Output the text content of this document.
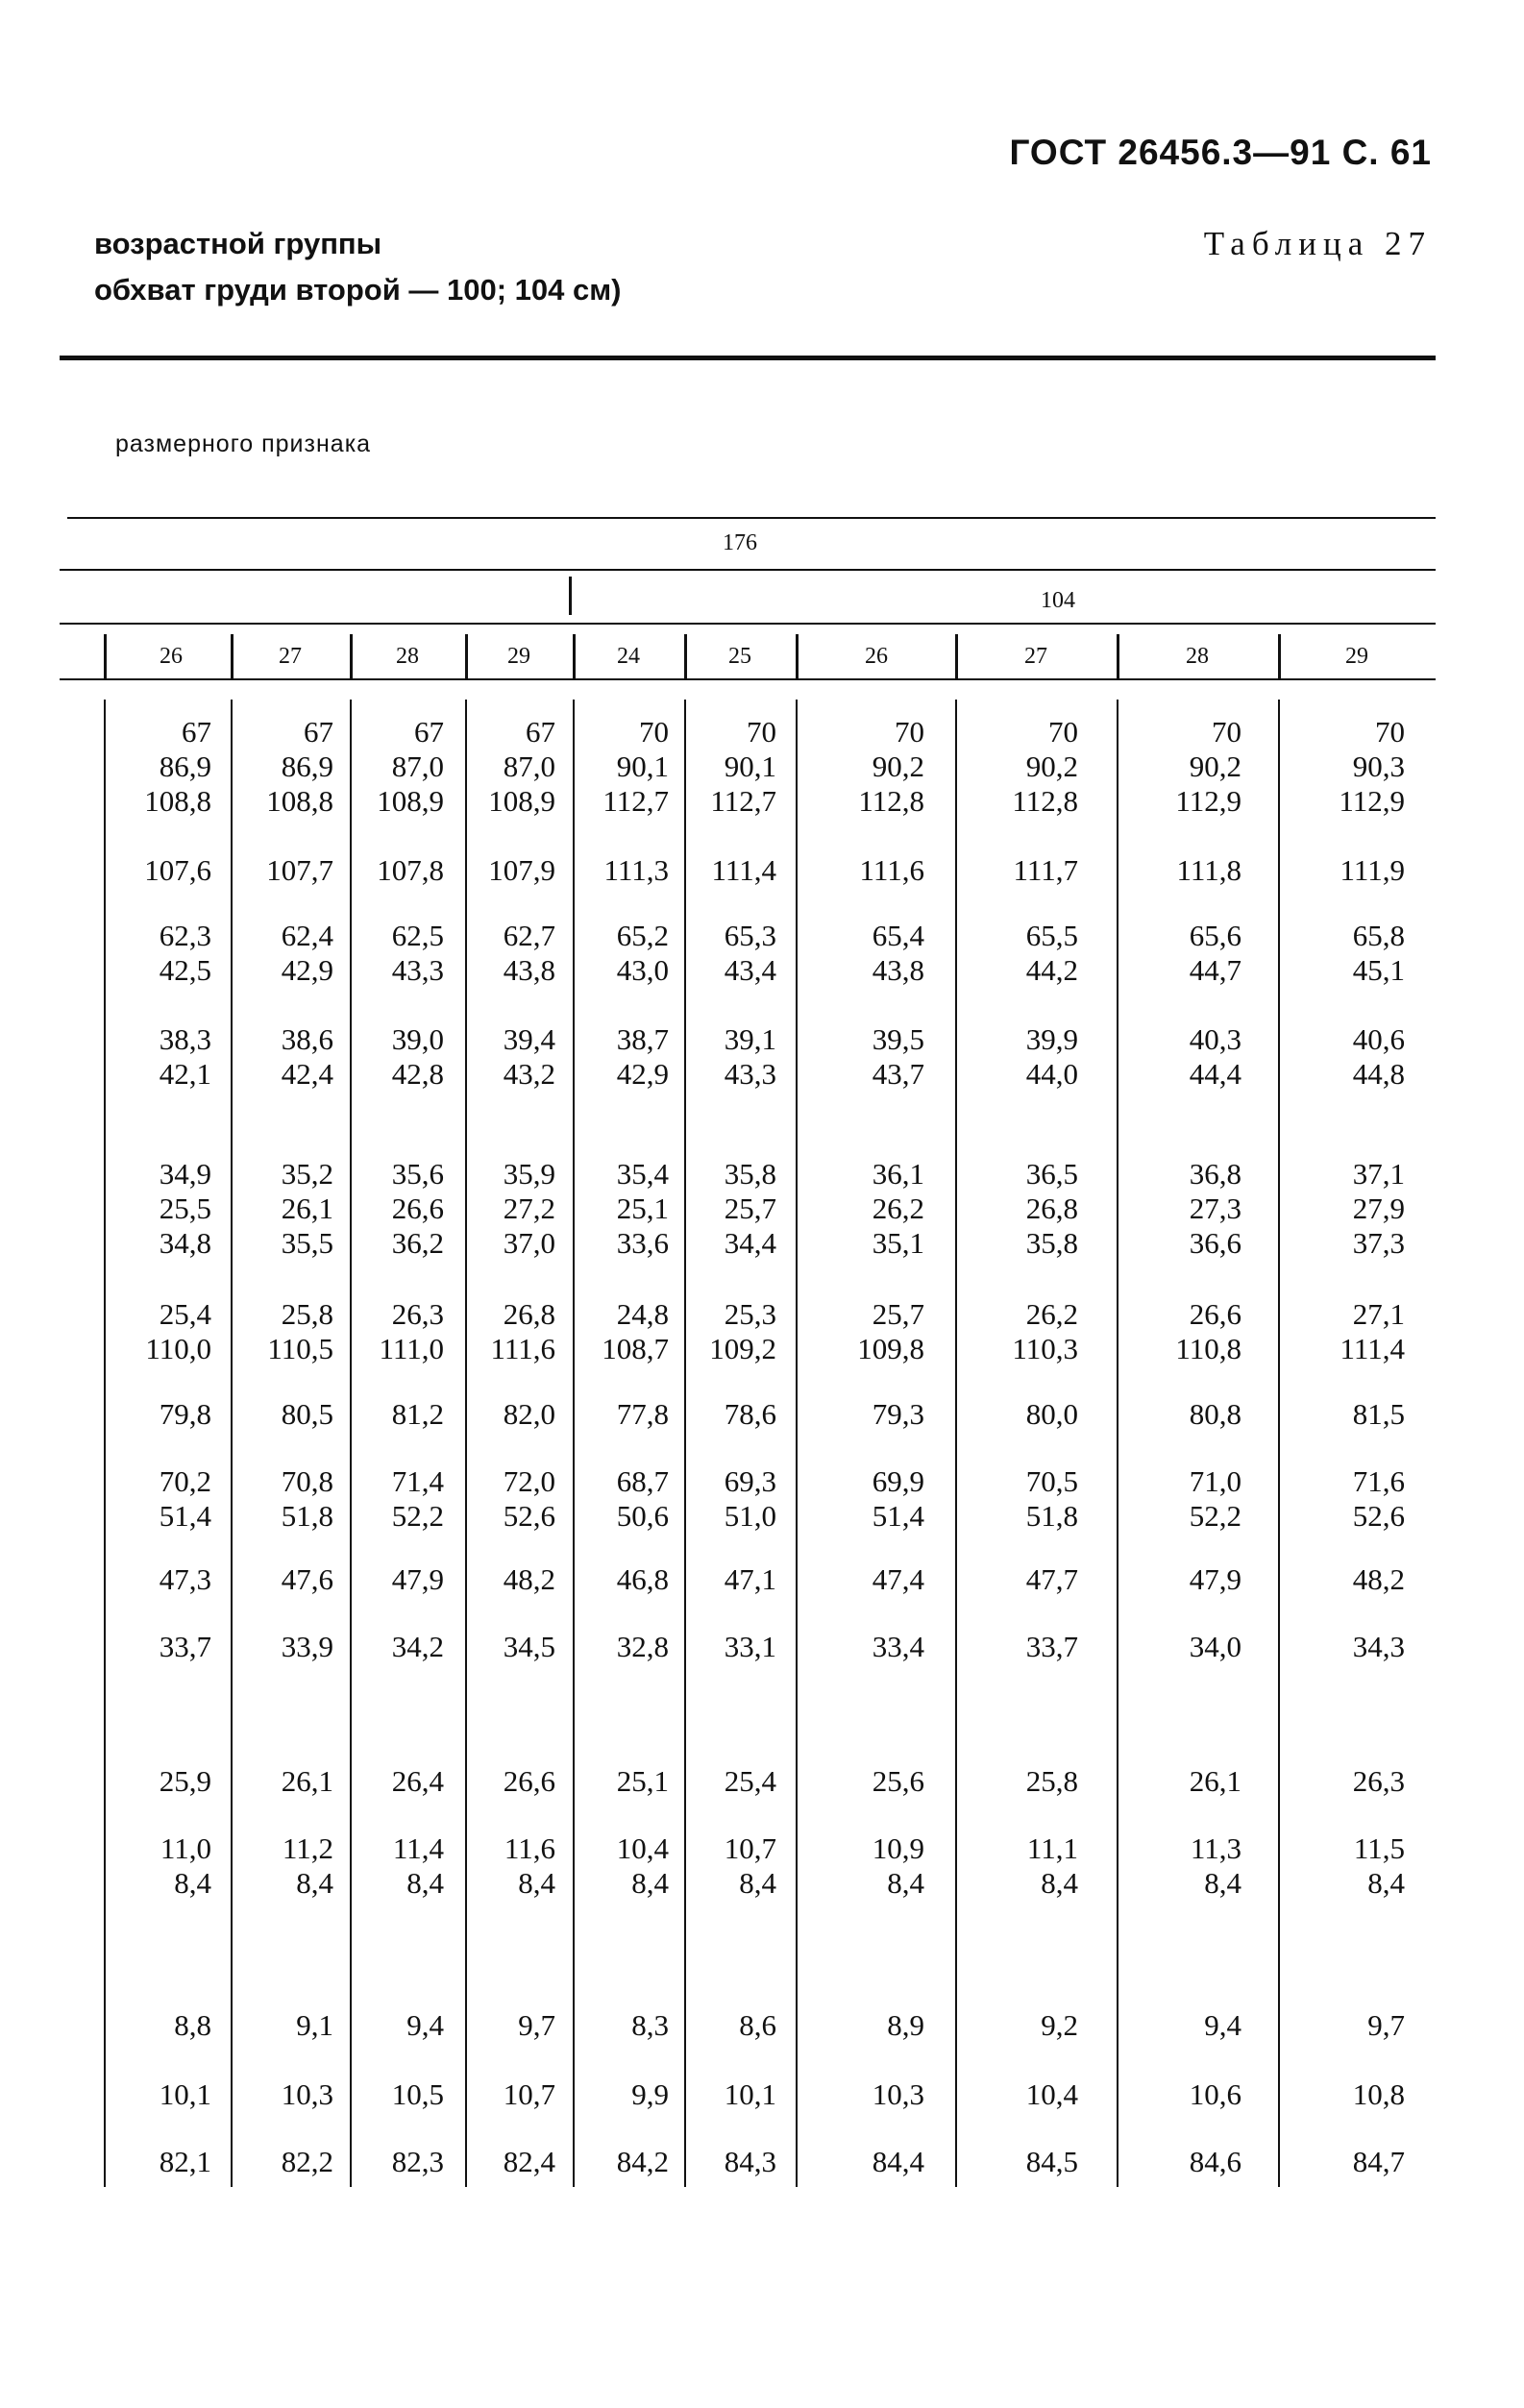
ГОСТ 26456.3—91 С. 61
возрастной группы
обхват груди второй — 100; 104 см)
Таблица 27
размерного признака
176
104
26	27	28	29	24	25	26	27	28	29
67	67	67	67	70	70	70	70	70	70
86,9 86,9 87,0 87,0 90,1 90,1	90,2	90,2	90,2	90,3
108,8 108,8 108,9 108,9 112,7 112,7	112,8	112,8	112,9	112,9
107,6 107,7 107,8 107,9 111,3 111,4	111,6	111,7	111,8	111,9
62,3 62,4 62,5 62,7 65,2 65,3	65,4	65,5	65,6	65,8
42,5 42,9 43,3 43,8 43,0 43,4	43,8	44,2	44,7	45,1
38,3 38,6 39,0 39,4 38,7 39,1	39,5	39,9	40,3	40,6
42,1 42,4 42,8 43,2 42,9 43,3	43,7	44,0	44,4	44,8
34,9 35,2 35,6 35,9 35,4 35,8	36,1	36,5	36,8	37,1
25,5 26,1 26,6 27,2 25,1 25,7	26,2	26,8	27,3	27,9
34,8 35,5 36,2 37,0 33,6 34,4	35,1	35,8	36,6	37,3
25,4 25,8 26,3 26,8 24,8 25,3	25,7	26,2	26,6	27,1
110,0 110,5 111,0 111,6 108,7 109,2	109,8	110,3	110,8	111,4
79,8 80,5 81,2 82,0 77,8 78,6	79,3	80,0	80,8	81,5
70,2 70,8 71,4 72,0 68,7 69,3	69,9	70,5	71,0	71,6
51,4 51,8 52,2 52,6 50,6 51,0	51,4	51,8	52,2	52,6
47,3 47,6 47,9 48,2 46,8 47,1	47,4	47,7	47,9	48,2
33,7 33,9 34,2 34,5 32,8 33,1	33,4	33,7	34,0	34,3
25,9 26,1 26,4 26,6 25,1 25,4	25,6	25,8	26,1	26,3
11,0 11,2 11,4 11,6 10,4 10,7	10,9	11,1	11,3	11,5
8,4	8,4 8,4 8,4	8,4 8,4	8,4	8,4	8,4	8,4
8,8	9,1 9,4 9,7	8,3 8,6	8,9	9,2	9,4	9,7
10,1 10,3 10,5 10,7	9,9 10,1	10,3	10,4	10,6	10,8
82,1 82,2 82,3 82,4 84,2 84,3	84,4	84,5	84,6	84,7
